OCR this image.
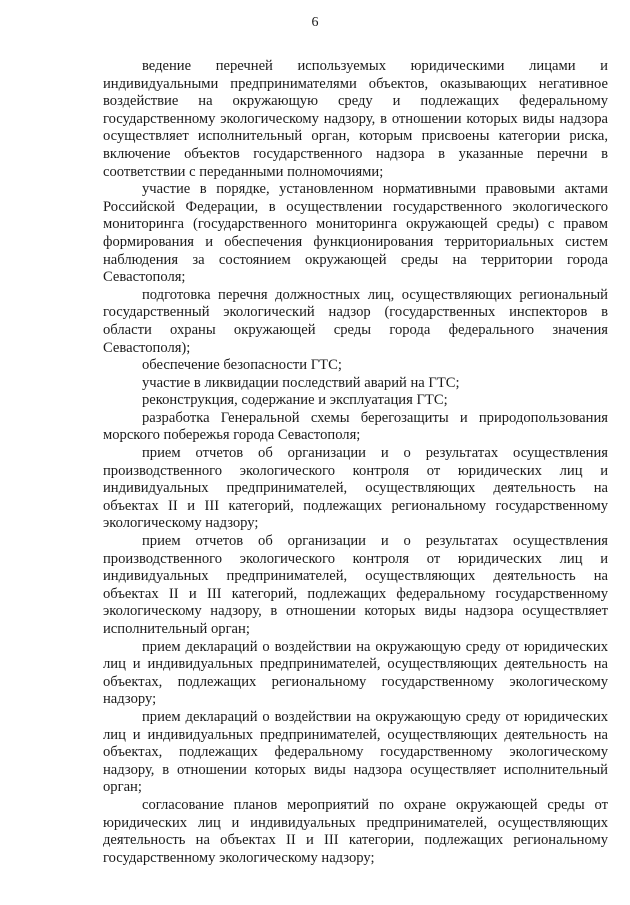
6

ведение перечней используемых юридическими лицами и индивидуальными предпринимателями объектов, оказывающих негативное воздействие на окружающую среду и подлежащих федеральному государственному экологическому надзору, в отношении которых виды надзора осуществляет исполнительный орган, которым присвоены категории риска, включение объектов государственного надзора в указанные перечни в соответствии с переданными полномочиями;

участие в порядке, установленном нормативными правовыми актами Российской Федерации, в осуществлении государственного экологического мониторинга (государственного мониторинга окружающей среды) с правом формирования и обеспечения функционирования территориальных систем наблюдения за состоянием окружающей среды на территории города Севастополя;

подготовка перечня должностных лиц, осуществляющих региональный государственный экологический надзор (государственных инспекторов в области охраны окружающей среды города федерального значения Севастополя);

обеспечение безопасности ГТС;

участие в ликвидации последствий аварий на ГТС;

реконструкция, содержание и эксплуатация ГТС;

разработка Генеральной схемы берегозащиты и природопользования морского побережья города Севастополя;

прием отчетов об организации и о результатах осуществления производственного экологического контроля от юридических лиц и индивидуальных предпринимателей, осуществляющих деятельность на объектах II и III категорий, подлежащих региональному государственному экологическому надзору;

прием отчетов об организации и о результатах осуществления производственного экологического контроля от юридических лиц и индивидуальных предпринимателей, осуществляющих деятельность на объектах II и III категорий, подлежащих федеральному государственному экологическому надзору, в отношении которых виды надзора осуществляет исполнительный орган;

прием деклараций о воздействии на окружающую среду от юридических лиц и индивидуальных предпринимателей, осуществляющих деятельность на объектах, подлежащих региональному государственному экологическому надзору;

прием деклараций о воздействии на окружающую среду от юридических лиц и индивидуальных предпринимателей, осуществляющих деятельность на объектах, подлежащих федеральному государственному экологическому надзору, в отношении которых виды надзора осуществляет исполнительный орган;

согласование планов мероприятий по охране окружающей среды от юридических лиц и индивидуальных предпринимателей, осуществляющих деятельность на объектах II и III категории, подлежащих региональному государственному экологическому надзору;
